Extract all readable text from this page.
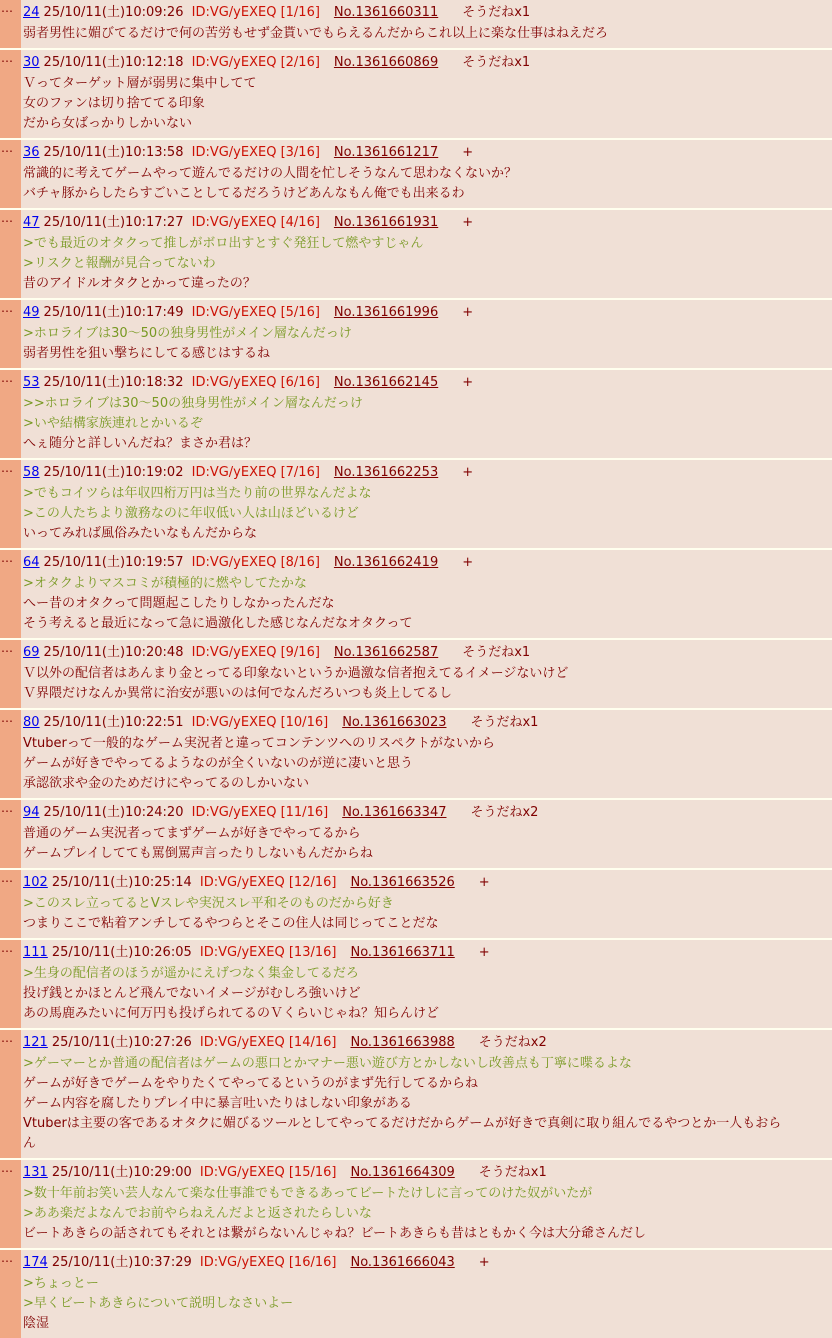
… 24 25/10/11(土)10:09:26 ID:VG/yEXEQ [1/16] No.1361660311 そうだねx1
弱者男性に媚びてるだけで何の苦労もせず金貰いでもらえるんだからこれ以上に楽な仕事はねえだろ
… 30 25/10/11(土)10:12:18 ID:VG/yEXEQ [2/16] No.1361660869 そうだねx1
Ｖってターゲット層が弱男に集中してて
女のファンは切り捨ててる印象
だから女ばっかりしかいない
… 36 25/10/11(土)10:13:58 ID:VG/yEXEQ [3/16] No.1361661217 +
常識的に考えてゲームやって遊んでるだけの人間を忙しそうなんて思わなくないか？
バチャ豚からしたらすごいことしてるだろうけどあんなもん俺でも出来るわ
… 47 25/10/11(土)10:17:27 ID:VG/yEXEQ [4/16] No.1361661931 +
>でも最近のオタクって推しがボロ出すとすぐ発狂して燃やすじゃん
>リスクと報酬が見合ってないわ
昔のアイドルオタクとかって違ったの？
… 49 25/10/11(土)10:17:49 ID:VG/yEXEQ [5/16] No.1361661996 +
>ホロライブは30～50の独身男性がメイン層なんだっけ
弱者男性を狙い撃ちにしてる感じはするね
… 53 25/10/11(土)10:18:32 ID:VG/yEXEQ [6/16] No.1361662145 +
>>ホロライブは30～50の独身男性がメイン層なんだっけ
>いや結構家族連れとかいるぞ
へぇ随分と詳しいんだね？まさか君は？
… 58 25/10/11(土)10:19:02 ID:VG/yEXEQ [7/16] No.1361662253 +
>でもコイツらは年収四桁万円は当たり前の世界なんだよな
>この人たちより激務なのに年収低い人は山ほどいるけど
いってみれば風俗みたいなもんだからな
… 64 25/10/11(土)10:19:57 ID:VG/yEXEQ [8/16] No.1361662419 +
>オタクよりマスコミが積極的に燃やしてたかな
へー昔のオタクって問題起こしたりしなかったんだな
そう考えると最近になって急に過激化した感じなんだなオタクって
… 69 25/10/11(土)10:20:48 ID:VG/yEXEQ [9/16] No.1361662587 そうだねx1
Ｖ以外の配信者はあんまり金とってる印象ないというか過激な信者抱えてるイメージないけど
Ｖ界隈だけなんか異常に治安が悪いのは何でなんだろいつも炎上してるし
… 80 25/10/11(土)10:22:51 ID:VG/yEXEQ [10/16] No.1361663023 そうだねx1
Vtuberって一般的なゲーム実況者と違ってコンテンツへのリスペクトがないから
ゲームが好きでやってるようなのが全くいないのが逆に凄いと思う
承認欲求や金のためだけにやってるのしかいない
… 94 25/10/11(土)10:24:20 ID:VG/yEXEQ [11/16] No.1361663347 そうだねx2
普通のゲーム実況者ってまずゲームが好きでやってるから
ゲームプレイしてても罵倒罵声言ったりしないもんだからね
… 102 25/10/11(土)10:25:14 ID:VG/yEXEQ [12/16] No.1361663526 +
>このスレ立ってるとVスレや実況スレ平和そのものだから好き
つまりここで粘着アンチしてるやつらとそこの住人は同じってことだな
… 111 25/10/11(土)10:26:05 ID:VG/yEXEQ [13/16] No.1361663711 +
>生身の配信者のほうが遥かにえげつなく集金してるだろ
投げ銭とかほとんど飛んでないイメージがむしろ強いけど
あの馬鹿みたいに何万円も投げられてるのＶくらいじゃね？知らんけど
… 121 25/10/11(土)10:27:26 ID:VG/yEXEQ [14/16] No.1361663988 そうだねx2
>ゲーマーとか普通の配信者はゲームの悪口とかマナー悪い遊び方とかしないし改善点も丁寧に喋るよな
ゲームが好きでゲームをやりたくてやってるというのがまず先行してるからね
ゲーム内容を腐したりプレイ中に暴言吐いたりはしない印象がある
Vtuberは主要の客であるオタクに媚びるツールとしてやってるだけだからゲームが好きで真剣に取り組んでるやつとか一人もおら
ん
… 131 25/10/11(土)10:29:00 ID:VG/yEXEQ [15/16] No.1361664309 そうだねx1
>数十年前お笑い芸人なんて楽な仕事誰でもできるあってビートたけしに言ってのけた奴がいたが
>ああ楽だよなんでお前やらねえんだよと返されたらしいな
ビートあきらの話されてもそれとは繋がらないんじゃね？ビートあきらも昔はともかく今は大分爺さんだし
… 174 25/10/11(土)10:37:29 ID:VG/yEXEQ [16/16] No.1361666043 +
>ちょっとー
>早くビートあきらについて説明しなさいよー
陰湿
